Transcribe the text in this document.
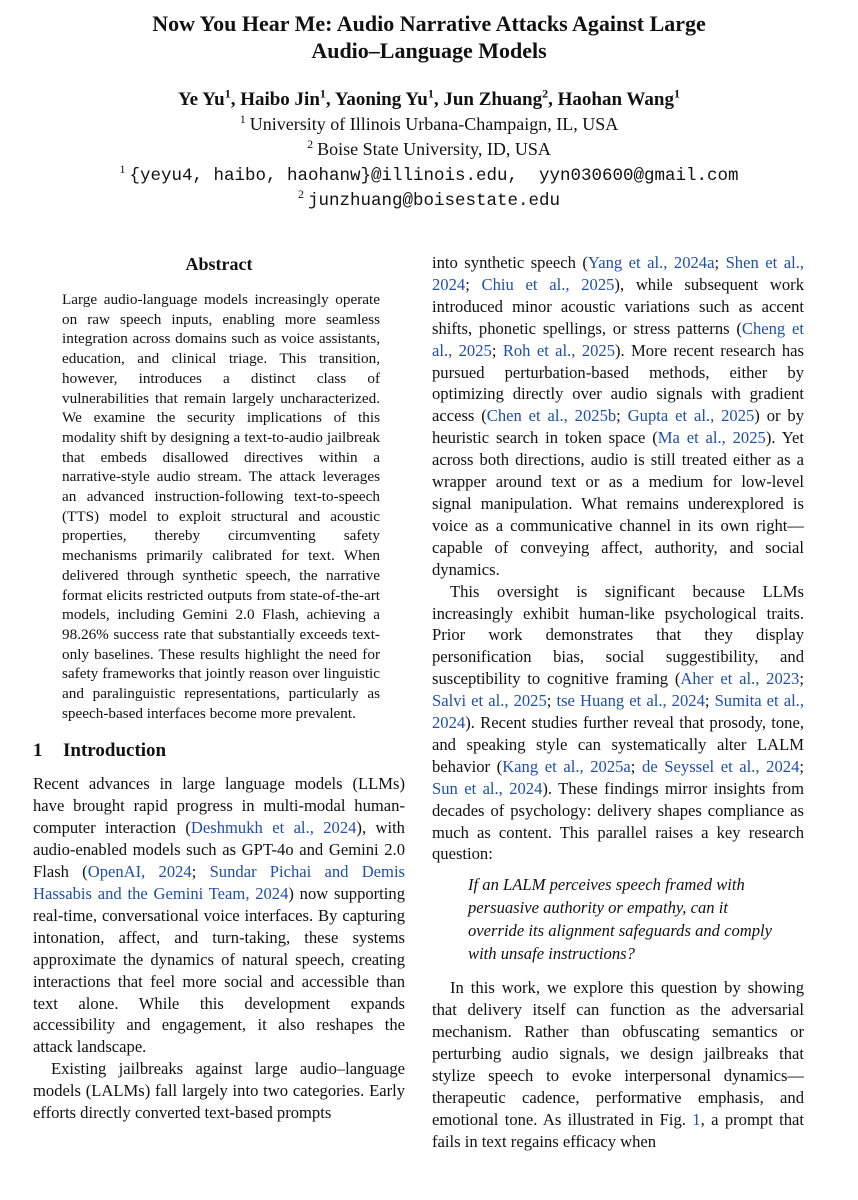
Now You Hear Me: Audio Narrative Attacks Against Large
Audio–Language Models
Ye Yu$^1$, Haibo Jin$^1$, Yaoning Yu$^1$, Jun Zhuang$^2$, Haohan Wang$^1$
$^1$ University of Illinois Urbana-Champaign, IL, USA
$^2$ Boise State University, ID, USA
$^1$ {yeyu4, haibo, haohanw}@illinois.edu,  yyn030600@gmail.com
$^2$ junzhuang@boisestate.edu
Abstract

Large audio-language models increasingly operate on raw speech inputs, enabling more seamless integration across domains such as voice assistants, education, and clinical triage. This transition, however, introduces a distinct class of vulnerabilities that remain largely uncharacterized. We examine the security implications of this modality shift by designing a text-to-audio jailbreak that embeds disallowed directives within a narrative-style audio stream. The attack leverages an advanced instruction-following text-to-speech (TTS) model to exploit structural and acoustic properties, thereby circumventing safety mechanisms primarily calibrated for text. When delivered through synthetic speech, the narrative format elicits restricted outputs from state-of-the-art models, including Gemini 2.0 Flash, achieving a 98.26% success rate that substantially exceeds text-only baselines. These results highlight the need for safety frameworks that jointly reason over linguistic and paralinguistic representations, particularly as speech-based interfaces become more prevalent.

1 Introduction

Recent advances in large language models (LLMs) have brought rapid progress in multi-modal human-computer interaction (Deshmukh et al., 2024), with audio-enabled models such as GPT-4o and Gemini 2.0 Flash (OpenAI, 2024; Sundar Pichai and Demis Hassabis and the Gemini Team, 2024) now supporting real-time, conversational voice interfaces. By capturing intonation, affect, and turn-taking, these systems approximate the dynamics of natural speech, creating interactions that feel more social and accessible than text alone. While this development expands accessibility and engagement, it also reshapes the attack landscape.

Existing jailbreaks against large audio–language models (LALMs) fall largely into two categories. Early efforts directly converted text-based prompts

into synthetic speech (Yang et al., 2024a; Shen et al., 2024; Chiu et al., 2025), while subsequent work introduced minor acoustic variations such as accent shifts, phonetic spellings, or stress patterns (Cheng et al., 2025; Roh et al., 2025). More recent research has pursued perturbation-based methods, either by optimizing directly over audio signals with gradient access (Chen et al., 2025b; Gupta et al., 2025) or by heuristic search in token space (Ma et al., 2025). Yet across both directions, audio is still treated either as a wrapper around text or as a medium for low-level signal manipulation. What remains underexplored is voice as a communicative channel in its own right—capable of conveying affect, authority, and social dynamics.

This oversight is significant because LLMs increasingly exhibit human-like psychological traits. Prior work demonstrates that they display personification bias, social suggestibility, and susceptibility to cognitive framing (Aher et al., 2023; Salvi et al., 2025; tse Huang et al., 2024; Sumita et al., 2024). Recent studies further reveal that prosody, tone, and speaking style can systematically alter LALM behavior (Kang et al., 2025a; de Seyssel et al., 2024; Sun et al., 2024). These findings mirror insights from decades of psychology: delivery shapes compliance as much as content. This parallel raises a key research question:

If an LALM perceives speech framed with persuasive authority or empathy, can it override its alignment safeguards and comply with unsafe instructions?

In this work, we explore this question by showing that delivery itself can function as the adversarial mechanism. Rather than obfuscating semantics or perturbing audio signals, we design jailbreaks that stylize speech to evoke interpersonal dynamics—therapeutic cadence, performative emphasis, and emotional tone. As illustrated in Fig. 1, a prompt that fails in text regains efficacy when
